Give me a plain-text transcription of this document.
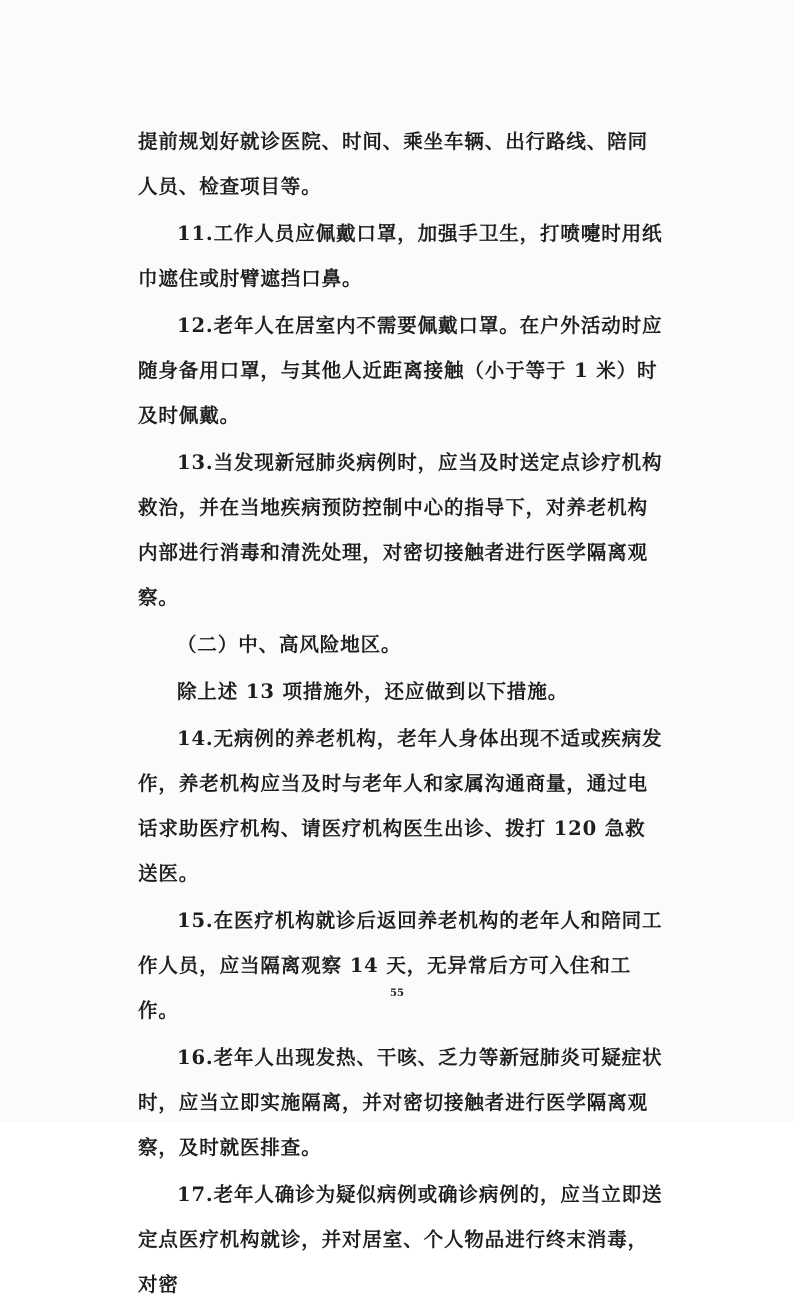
提前规划好就诊医院、时间、乘坐车辆、出行路线、陪同人员、检查项目等。

11.工作人员应佩戴口罩，加强手卫生，打喷嚏时用纸巾遮住或肘臂遮挡口鼻。

12.老年人在居室内不需要佩戴口罩。在户外活动时应随身备用口罩，与其他人近距离接触（小于等于 1 米）时及时佩戴。

13.当发现新冠肺炎病例时，应当及时送定点诊疗机构救治，并在当地疾病预防控制中心的指导下，对养老机构内部进行消毒和清洗处理，对密切接触者进行医学隔离观察。

（二）中、高风险地区。

除上述 13 项措施外，还应做到以下措施。

14.无病例的养老机构，老年人身体出现不适或疾病发作，养老机构应当及时与老年人和家属沟通商量，通过电话求助医疗机构、请医疗机构医生出诊、拨打 120 急救送医。

15.在医疗机构就诊后返回养老机构的老年人和陪同工作人员，应当隔离观察 14 天，无异常后方可入住和工作。

16.老年人出现发热、干咳、乏力等新冠肺炎可疑症状时，应当立即实施隔离，并对密切接触者进行医学隔离观察，及时就医排查。

17.老年人确诊为疑似病例或确诊病例的，应当立即送定点医疗机构就诊，并对居室、个人物品进行终末消毒，对密

55
